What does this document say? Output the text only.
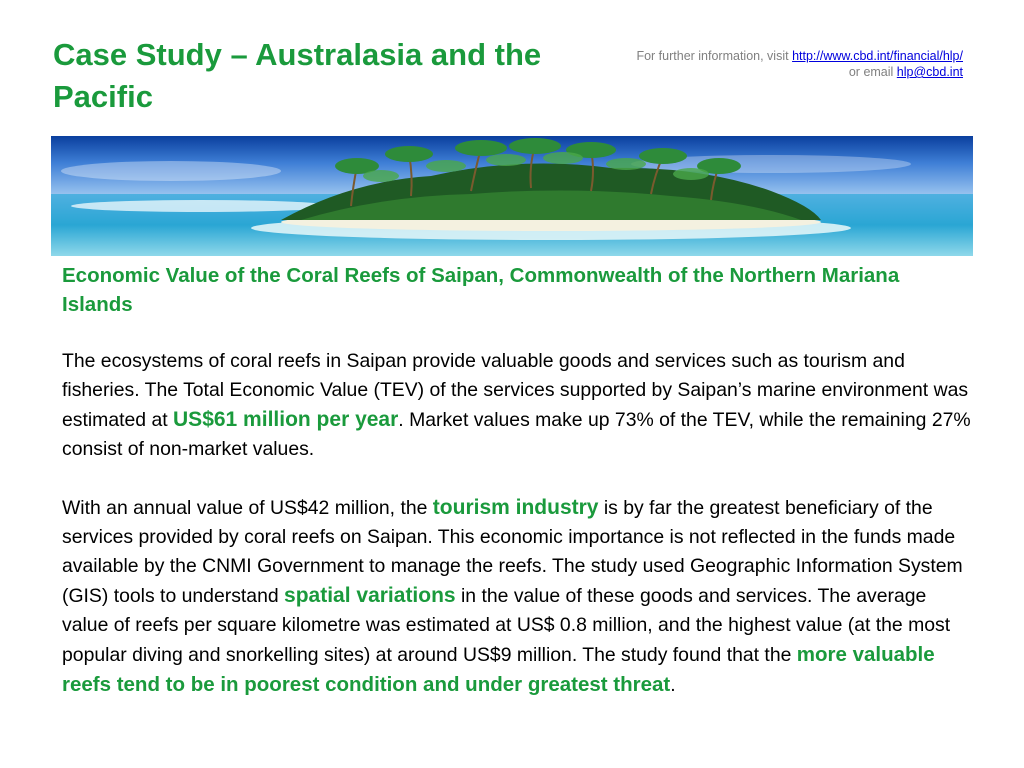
Case Study – Australasia and the Pacific
For further information, visit http://www.cbd.int/financial/hlp/
or email hlp@cbd.int
Economic Value of the Coral Reefs of Saipan, Commonwealth of the Northern Mariana Islands

The ecosystems of coral reefs in Saipan provide valuable goods and services such as tourism and fisheries. The Total Economic Value (TEV) of the services supported by Saipan’s marine environment was estimated at US$61 million per year. Market values make up 73% of the TEV, while the remaining 27% consist of non-market values.

With an annual value of US$42 million, the tourism industry is by far the greatest beneficiary of the services provided by coral reefs on Saipan. This economic importance is not reflected in the funds made available by the CNMI Government to manage the reefs. The study used Geographic Information System (GIS) tools to understand spatial variations in the value of these goods and services. The average value of reefs per square kilometre was estimated at US$ 0.8 million, and the highest value (at the most popular diving and snorkelling sites) at around US$9 million. The study found that the more valuable reefs tend to be in poorest condition and under greatest threat.
